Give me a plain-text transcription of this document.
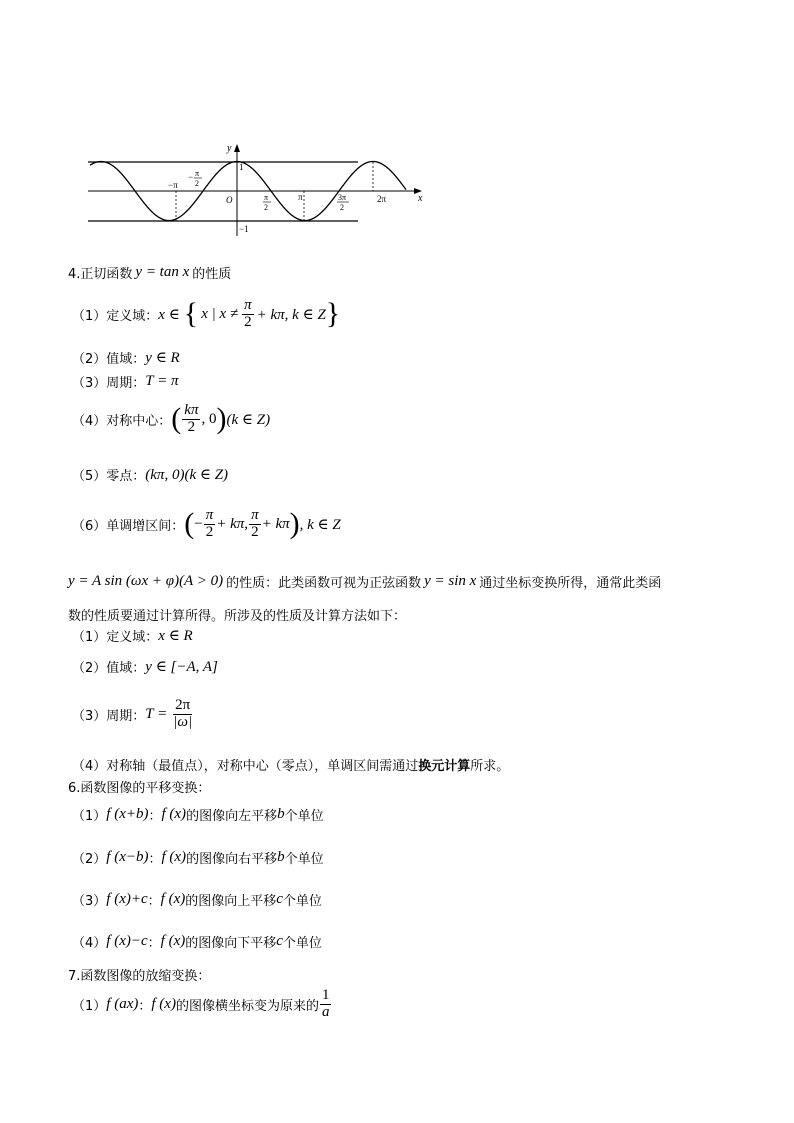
y
x
O
1
−1
−π
− π
2
π
2
π	3π
2
2π
4.正切函数 y = tan x 的性质
（1）定义域： x ∈ { x | $x \ne \frac{\pi}{2} + k\pi$, k ∈ Z }
（2）值域： y ∈ R
（3）周期： T = π
（4）对称中心： ( $\frac{k\pi}{2}$ , 0 ) (k ∈ Z)
（5）零点： (kπ, 0)(k ∈ Z)
（6）单调增区间： ( − $\frac{\pi}{2} + k\pi$, $\frac{\pi}{2} + k\pi$ ) , k ∈ Z
y = A sin (ωx + φ)(A > 0) 的性质：此类函数可视为正弦函数 y = sin x 通过坐标变换所得，通常此类函
数的性质要通过计算所得。所涉及的性质及计算方法如下：
（1）定义域： x ∈ R
（2）值域： y ∈ [−A, A]
（3）周期： $T = \frac{2\pi}{|\omega|}$
（4）对称轴（最值点），对称中心（零点），单调区间需通过 换元计算 所求。
6.函数图像的平移变换：
（1） f (x+b) ： f (x) 的图像向左平移 b 个单位
（2） f (x−b) ： f (x) 的图像向右平移 b 个单位
（3） f (x)+c ： f (x) 的图像向上平移 c 个单位
（4） f (x)−c ： f (x) 的图像向下平移 c 个单位
7.函数图像的放缩变换：
（1） f (ax) ： f (x) 的图像横坐标变为原来的 $\frac{1}{a}$
